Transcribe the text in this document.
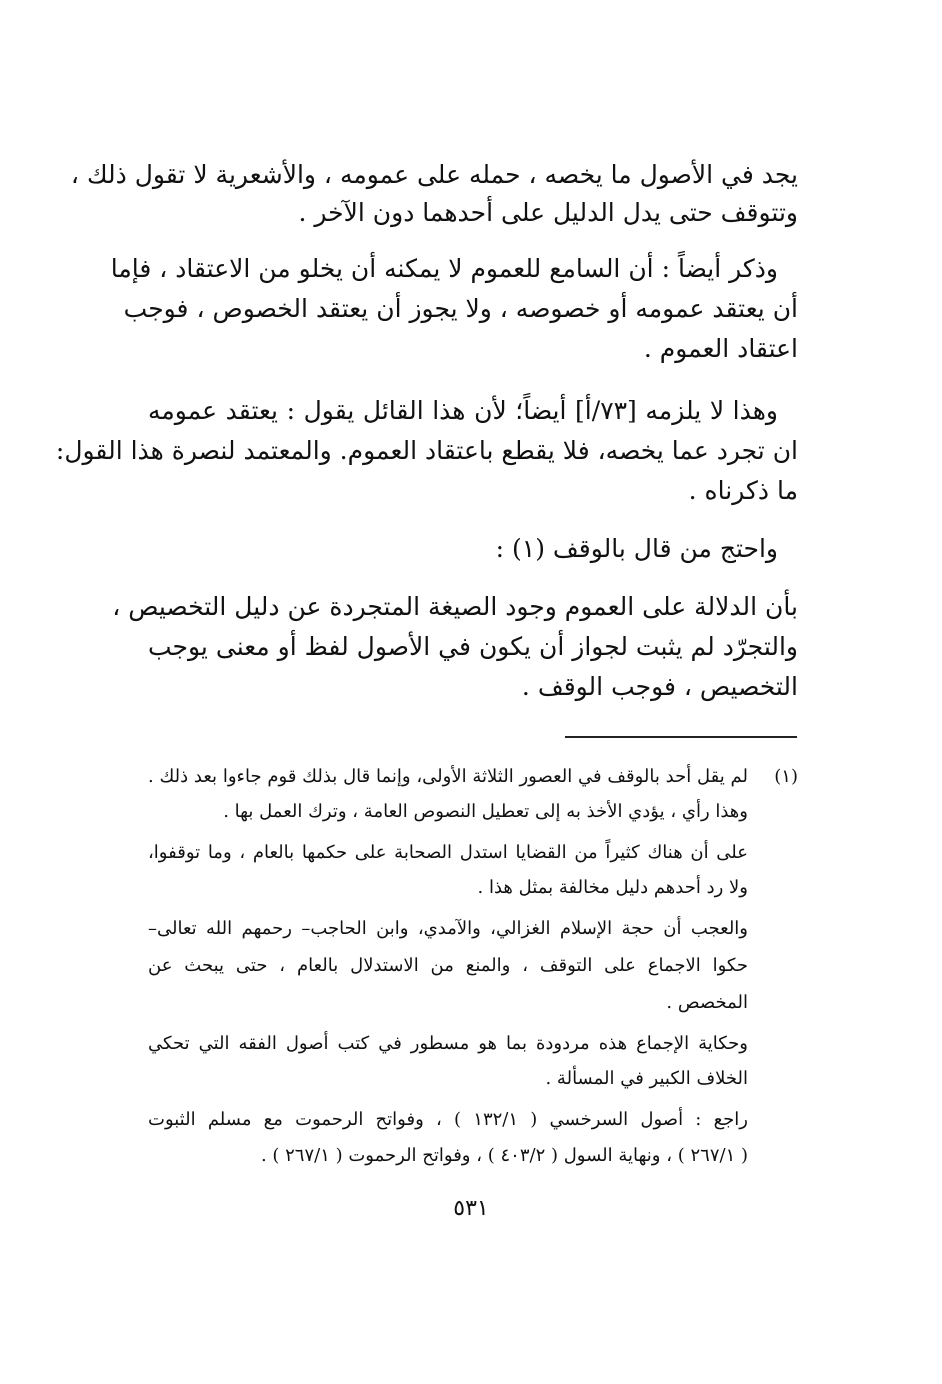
يجد في الأصول ما يخصه ، حمله على عمومه ، والأشعرية لا تقول ذلك ،
وتتوقف حتى يدل الدليل على أحدهما دون الآخر .
وذكر أيضاً : أن السامع للعموم لا يمكنه أن يخلو من الاعتقاد ، فإما
أن يعتقد عمومه أو خصوصه ، ولا يجوز أن يعتقد الخصوص ، فوجب
اعتقاد العموم .
وهذا لا يلزمه [٧٣/أ] أيضاً؛ لأن هذا القائل يقول : يعتقد عمومه
ان تجرد عما يخصه، فلا يقطع باعتقاد العموم. والمعتمد لنصرة هذا القول:
ما ذكرناه .
واحتج من قال بالوقف (١) :
بأن الدلالة على العموم وجود الصيغة المتجردة عن دليل التخصيص ،
والتجرّد لم يثبت لجواز أن يكون في الأصول لفظ أو معنى يوجب
التخصيص ، فوجب الوقف .
(١)
لم يقل أحد بالوقف في العصور الثلاثة الأولى، وإنما قال بذلك قوم جاءوا بعد ذلك .
وهذا رأي ، يؤدي الأخذ به إلى تعطيل النصوص العامة ، وترك العمل بها .
على أن هناك كثيراً من القضايا استدل الصحابة على حكمها بالعام ، وما توقفوا،
ولا رد أحدهم دليل مخالفة بمثل هذا .
والعجب أن حجة الإسلام الغزالي، والآمدي، وابن الحاجب– رحمهم الله تعالى–
حكوا الاجماع على التوقف ، والمنع من الاستدلال بالعام ، حتى يبحث عن
المخصص .
وحكاية الإجماع هذه مردودة بما هو مسطور في كتب أصول الفقه التي تحكي
الخلاف الكبير في المسألة .
راجع : أصول السرخسي ( ١٣٢/١ ) ، وفواتح الرحموت مع مسلم الثبوت
( ٢٦٧/١ ) ، ونهاية السول ( ٤٠٣/٢ ) ، وفواتح الرحموت ( ٢٦٧/١ ) .
٥٣١
